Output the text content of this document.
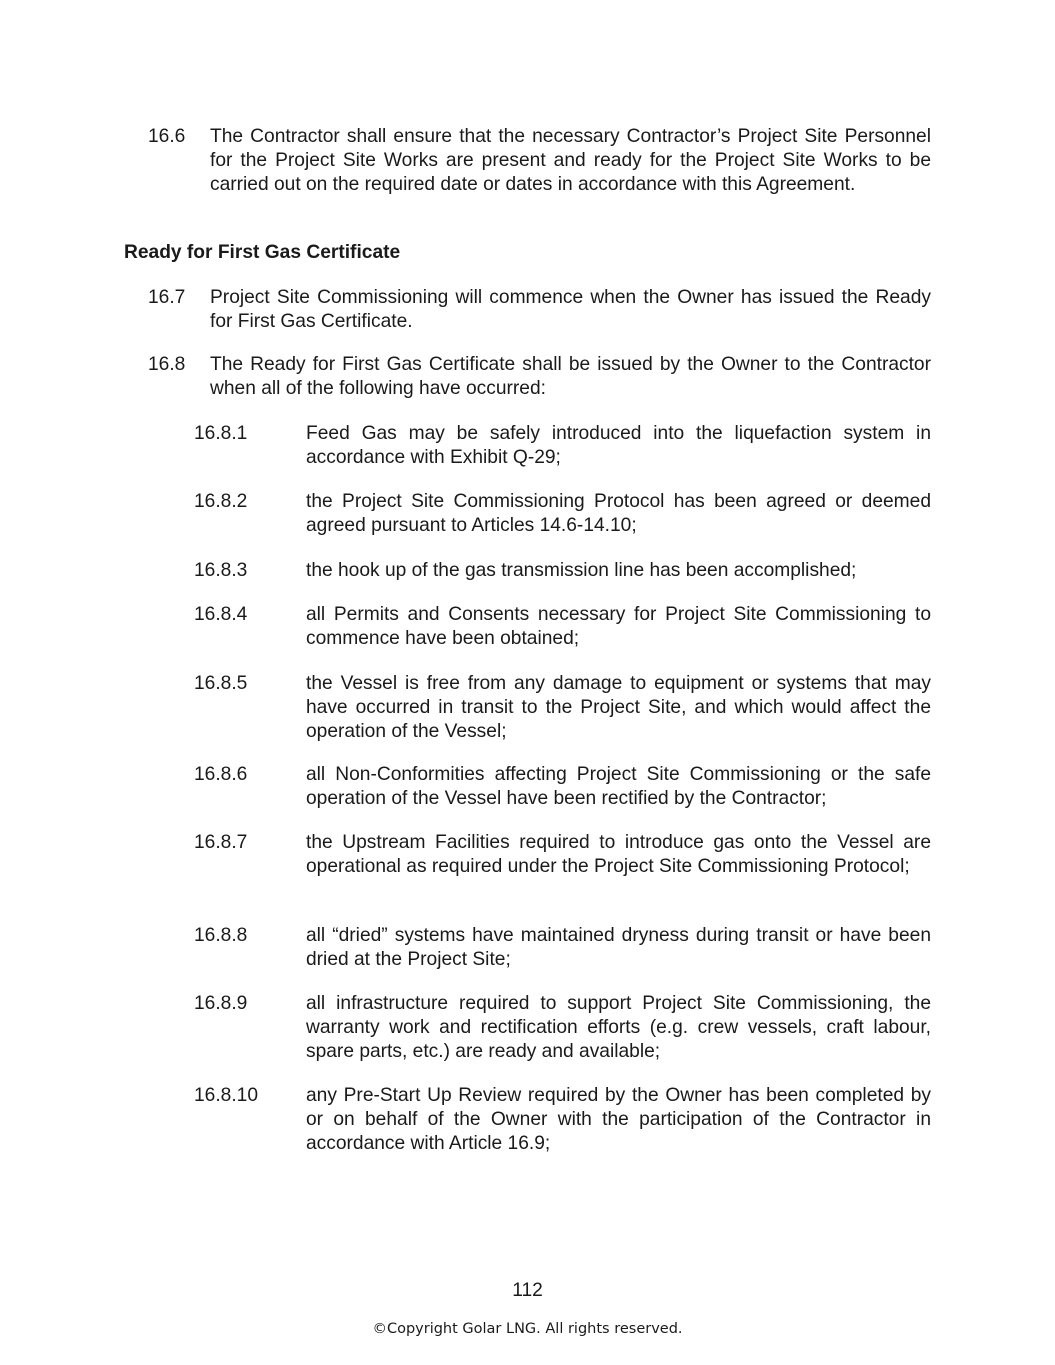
16.6 The Contractor shall ensure that the necessary Contractor’s Project Site Personnel for the Project Site Works are present and ready for the Project Site Works to be carried out on the required date or dates in accordance with this Agreement.
Ready for First Gas Certificate
16.7 Project Site Commissioning will commence when the Owner has issued the Ready for First Gas Certificate.
16.8 The Ready for First Gas Certificate shall be issued by the Owner to the Contractor when all of the following have occurred:
16.8.1	Feed Gas may be safely introduced into the liquefaction system in accordance with Exhibit Q-29;
16.8.2	the Project Site Commissioning Protocol has been agreed or deemed agreed pursuant to Articles 14.6-14.10;
16.8.3	the hook up of the gas transmission line has been accomplished;
16.8.4	all Permits and Consents necessary for Project Site Commissioning to commence have been obtained;
16.8.5	the Vessel is free from any damage to equipment or systems that may have occurred in transit to the Project Site, and which would affect the operation of the Vessel;
16.8.6	all Non-Conformities affecting Project Site Commissioning or the safe operation of the Vessel have been rectified by the Contractor;
16.8.7	the Upstream Facilities required to introduce gas onto the Vessel are operational as required under the Project Site Commissioning Protocol;
16.8.8	all “dried” systems have maintained dryness during transit or have been dried at the Project Site;
16.8.9	all infrastructure required to support Project Site Commissioning, the warranty work and rectification efforts (e.g. crew vessels, craft labour, spare parts, etc.) are ready and available;
16.8.10 any Pre-Start Up Review required by the Owner has been completed by or on behalf of the Owner with the participation of the Contractor in accordance with Article 16.9;
112
©Copyright Golar LNG. All rights reserved.
